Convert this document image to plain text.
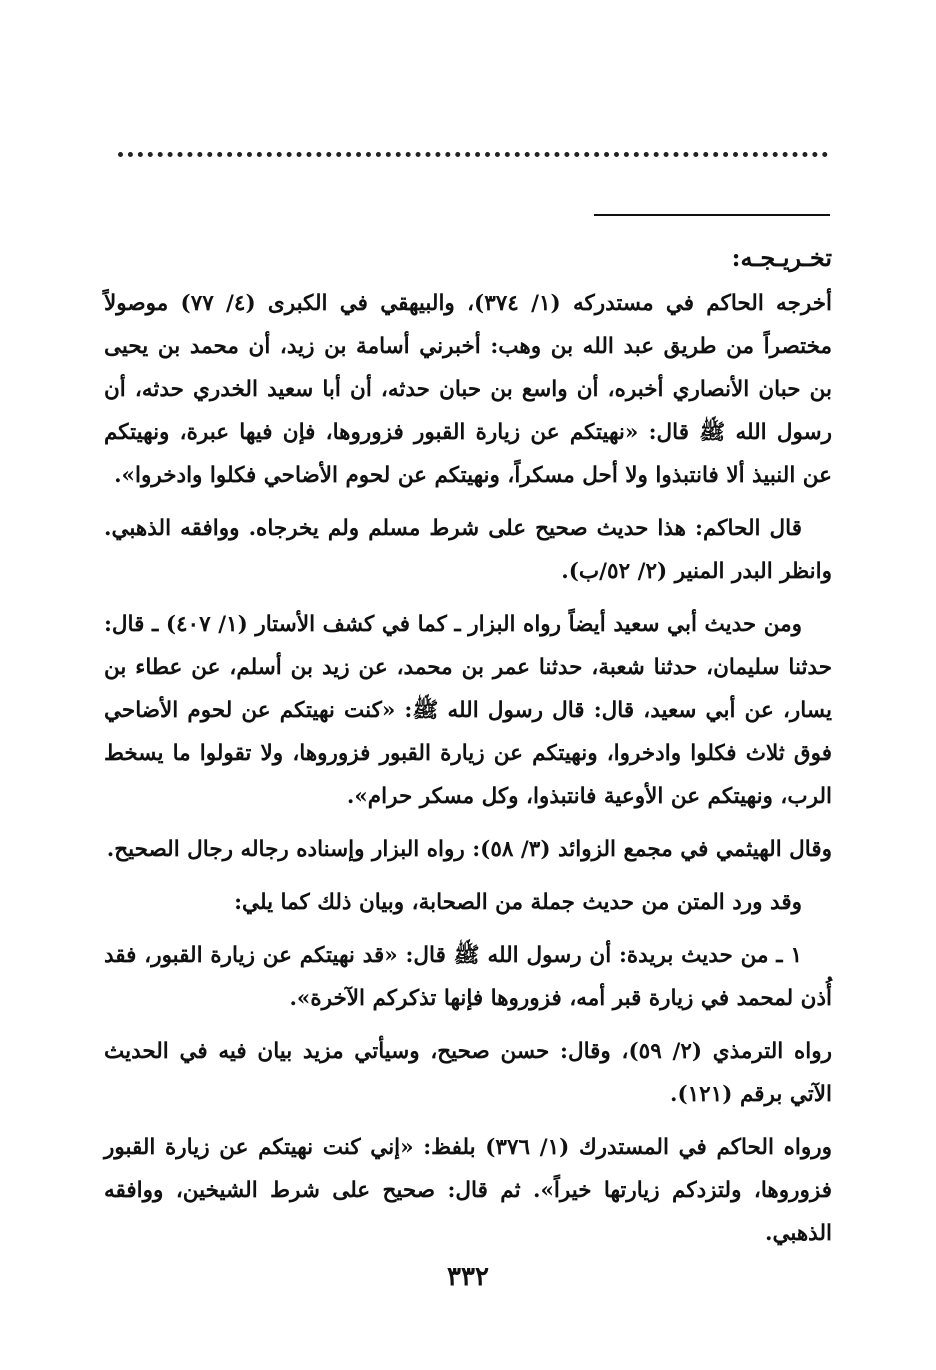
تخـريـجـه:

أخرجه الحاكم في مستدركه (١/ ٣٧٤)، والبيهقي في الكبرى (٤/ ٧٧) موصولاً مختصراً من طريق عبد الله بن وهب: أخبرني أسامة بن زيد، أن محمد بن يحيى بن حبان الأنصاري أخبره، أن واسع بن حبان حدثه، أن أبا سعيد الخدري حدثه، أن رسول الله ﷺ قال: «نهيتكم عن زيارة القبور فزوروها، فإن فيها عبرة، ونهيتكم عن النبيذ ألا فانتبذوا ولا أحل مسكراً، ونهيتكم عن لحوم الأضاحي فكلوا وادخروا».

قال الحاكم: هذا حديث صحيح على شرط مسلم ولم يخرجاه. ووافقه الذهبي. وانظر البدر المنير (٢/ ٥٢/ب).

ومن حديث أبي سعيد أيضاً رواه البزار ـ كما في كشف الأستار (١/ ٤٠٧) ـ قال: حدثنا سليمان، حدثنا شعبة، حدثنا عمر بن محمد، عن زيد بن أسلم، عن عطاء بن يسار، عن أبي سعيد، قال: قال رسول الله ﷺ: «كنت نهيتكم عن لحوم الأضاحي فوق ثلاث فكلوا وادخروا، ونهيتكم عن زيارة القبور فزوروها، ولا تقولوا ما يسخط الرب، ونهيتكم عن الأوعية فانتبذوا، وكل مسكر حرام».

وقال الهيثمي في مجمع الزوائد (٣/ ٥٨): رواه البزار وإسناده رجاله رجال الصحيح.

وقد ورد المتن من حديث جملة من الصحابة، وبيان ذلك كما يلي:

١ ـ من حديث بريدة: أن رسول الله ﷺ قال: «قد نهيتكم عن زيارة القبور، فقد أُذن لمحمد في زيارة قبر أمه، فزوروها فإنها تذكركم الآخرة».

رواه الترمذي (٢/ ٥٩)، وقال: حسن صحيح، وسيأتي مزيد بيان فيه في الحديث الآتي برقم (١٢١).

ورواه الحاكم في المستدرك (١/ ٣٧٦) بلفظ: «إني كنت نهيتكم عن زيارة القبور فزوروها، ولتزدكم زيارتها خيراً». ثم قال: صحيح على شرط الشيخين، ووافقه الذهبي.

٣٣٢
